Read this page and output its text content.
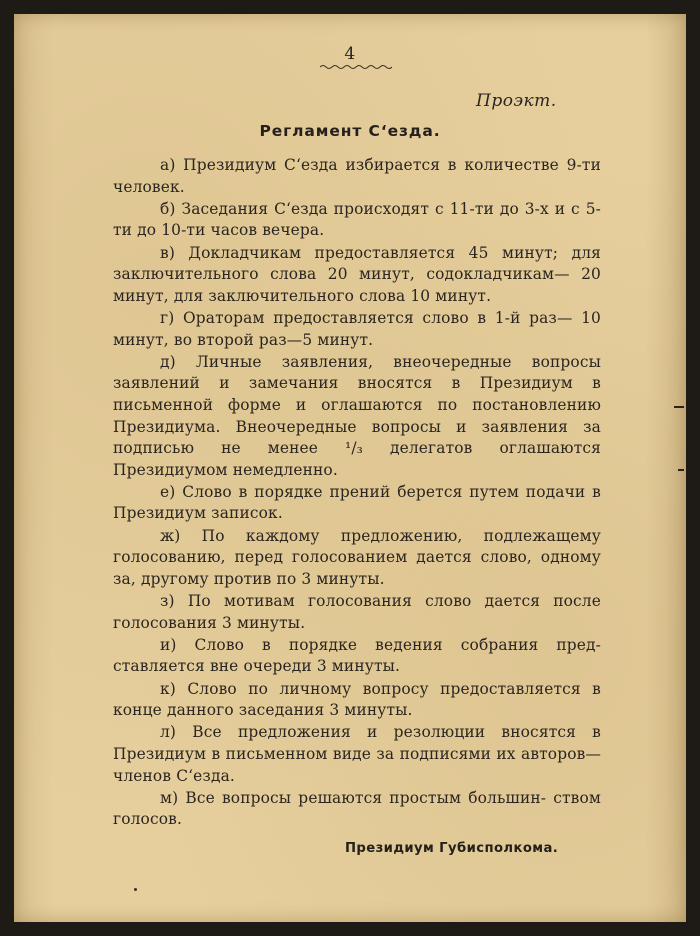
4
Проэкт.
Регламент С‘езда.

а) Президиум С‘езда избирается в количестве 9-ти человек.

б) Заседания С‘езда происходят с 11-ти до 3-х и с 5-ти до 10-ти часов вечера.

в) Докладчикам предоставляется 45 минут; для заключительного слова 20 минут, содокладчикам— 20 минут, для заключительного слова 10 минут.

г) Ораторам предоставляется слово в 1-й раз— 10 минут, во второй раз—5 минут.

д) Личные заявления, внеочередные вопросы заявлений и замечания вносятся в Президиум в письменной форме и оглашаются по постановлению Президиума. Внеочередные вопросы и заявления за подписью не менее ¹/₃ делегатов оглашаются Президиумом немедленно.

е) Слово в порядке прений берется путем подачи в Президиум записок.

ж) По каждому предложению, подлежащему голосованию, перед голосованием дается слово, одному за, другому против по 3 минуты.

з) По мотивам голосования слово дается после голосования 3 минуты.

и) Слово в порядке ведения собрания пред- ставляется вне очереди 3 минуты.

к) Слово по личному вопросу предоставляется в конце данного заседания 3 минуты.

л) Все предложения и резолюции вносятся в Президиум в письменном виде за подписями их авторов—членов С‘езда.

м) Все вопросы решаются простым большин- ством голосов.

Президиум Губисполкома.
